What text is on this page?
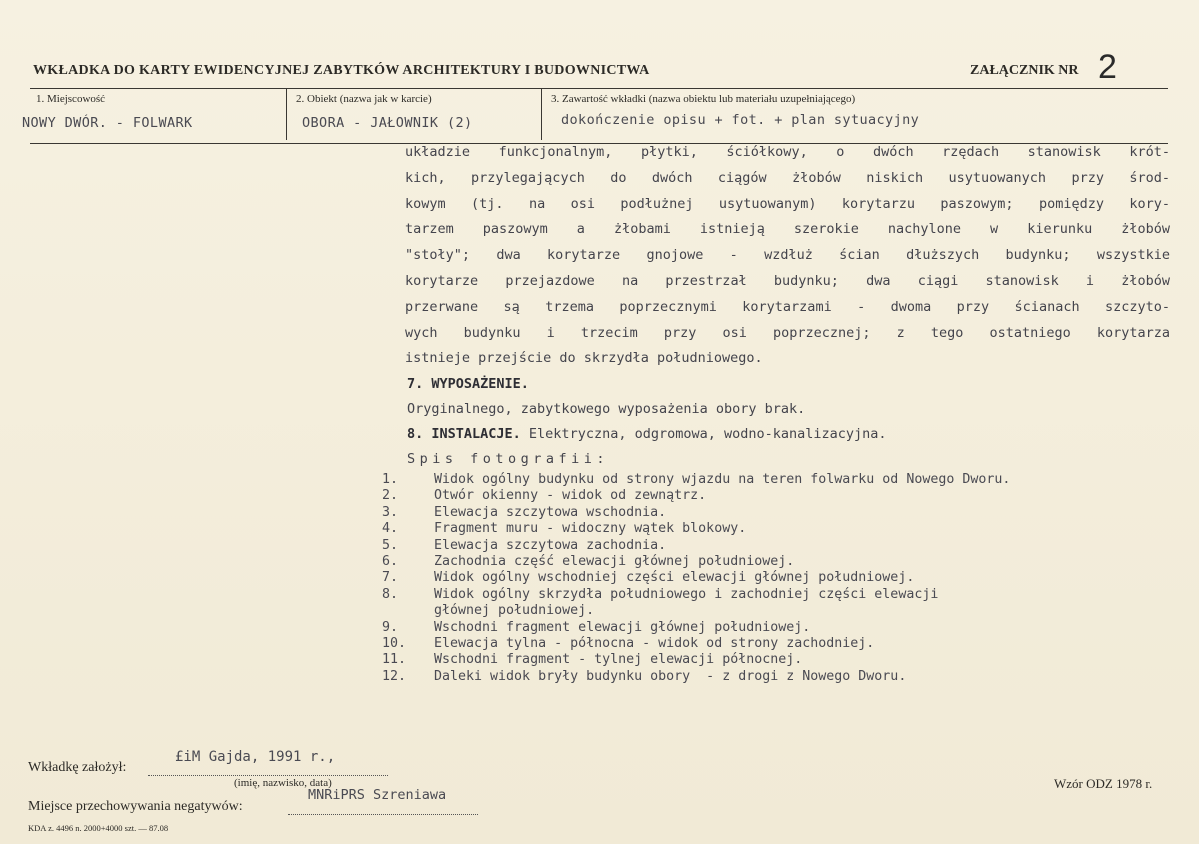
WKŁADKA DO KARTY EWIDENCYJNEJ ZABYTKÓW ARCHITEKTURY I BUDOWNICTWA	ZAŁĄCZNIK NR 2
1. Miejscowość
NOWY DWÓR. - FOLWARK
2. Obiekt (nazwa jak w karcie)
OBORA - JAŁOWNIK (2)
3. Zawartość wkładki (nazwa obiektu lub materiału uzupełniającego)
dokończenie opisu + fot. + plan sytuacyjny
układzie funkcjonalnym, płytki, ściółkowy, o dwóch rzędach stanowisk krót-
kich, przylegających do dwóch ciągów żłobów niskich usytuowanych przy środ-
kowym (tj. na osi podłużnej usytuowanym) korytarzu paszowym; pomiędzy kory-
tarzem paszowym a żłobami istnieją szerokie nachylone w kierunku żłobów
"stoły"; dwa korytarze gnojowe - wzdłuż ścian dłuższych budynku; wszystkie
korytarze przejazdowe na przestrzał budynku; dwa ciągi stanowisk i żłobów
przerwane są trzema poprzecznymi korytarzami - dwoma przy ścianach szczyto-
wych budynku i trzecim przy osi poprzecznej; z tego ostatniego korytarza
istnieje przejście do skrzydła południowego.
7. WYPOSAŻENIE.
Oryginalnego, zabytkowego wyposażenia obory brak.
8. INSTALACJE. Elektryczna, odgromowa, wodno-kanalizacyjna.
Spis fotografii:
1.	Widok ogólny budynku od strony wjazdu na teren folwarku od Nowego Dworu.
2.	Otwór okienny - widok od zewnątrz.
3.	Elewacja szczytowa wschodnia.
4.	Fragment muru - widoczny wątek blokowy.
5.	Elewacja szczytowa zachodnia.
6.	Zachodnia część elewacji głównej południowej.
7.	Widok ogólny wschodniej części elewacji głównej południowej.
8.	Widok ogólny skrzydła południowego i zachodniej części elewacji
głównej południowej.
9.	Wschodni fragment elewacji głównej południowej.
10. Elewacja tylna - północna - widok od strony zachodniej.
11. Wschodni fragment - tylnej elewacji północnej.
12. Daleki widok bryły budynku obory  - z drogi z Nowego Dworu.
Wkładkę założył:
£iM Gajda, 1991 r.,
(imię, nazwisko, data)
Miejsce przechowywania negatywów:
MNRiPRS Szreniawa
KDA z. 4496 n. 2000+4000 szt. — 87.08
Wzór ODZ 1978 r.
